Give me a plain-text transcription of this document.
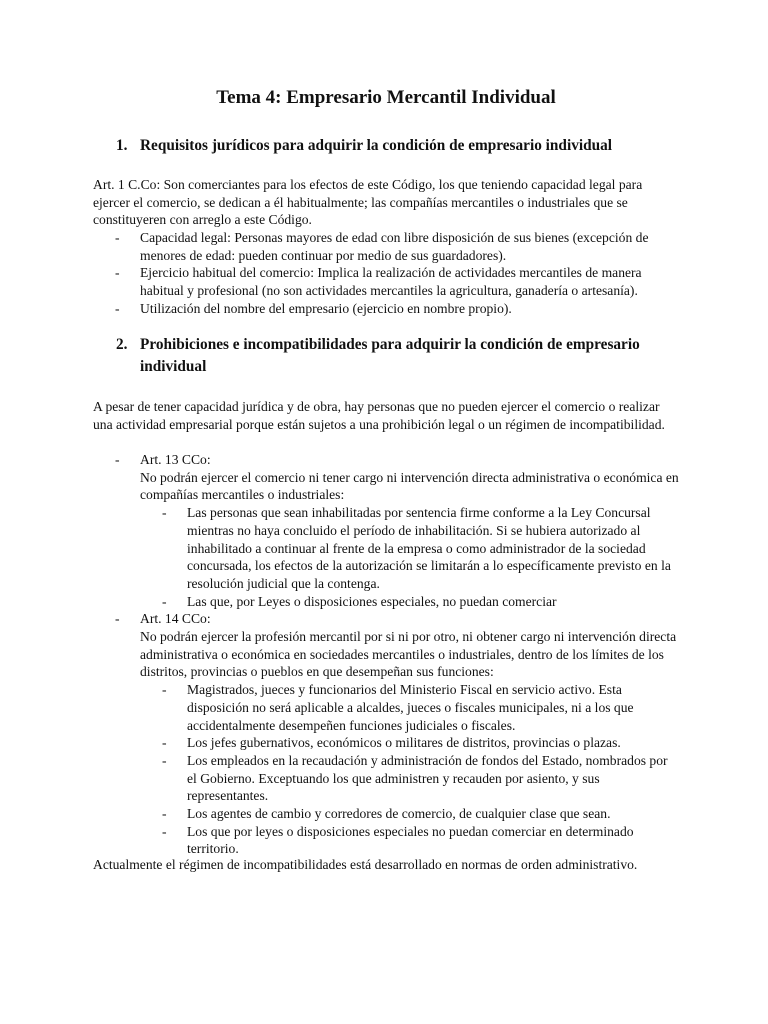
Tema 4: Empresario Mercantil Individual
1. Requisitos jurídicos para adquirir la condición de empresario individual

Art. 1 C.Co: Son comerciantes para los efectos de este Código, los que teniendo capacidad legal para ejercer el comercio, se dedican a él habitualmente; las compañías mercantiles o industriales que se constituyeren con arreglo a este Código.

- Capacidad legal: Personas mayores de edad con libre disposición de sus bienes (excepción de menores de edad: pueden continuar por medio de sus guardadores).
- Ejercicio habitual del comercio: Implica la realización de actividades mercantiles de manera habitual y profesional (no son actividades mercantiles la agricultura, ganadería o artesanía).
- Utilización del nombre del empresario (ejercicio en nombre propio).
2. Prohibiciones e incompatibilidades para adquirir la condición de empresario individual

A pesar de tener capacidad jurídica y de obra, hay personas que no pueden ejercer el comercio o realizar una actividad empresarial porque están sujetos a una prohibición legal o un régimen de incompatibilidad.

- Art. 13 CCo:
No podrán ejercer el comercio ni tener cargo ni intervención directa administrativa o económica en compañías mercantiles o industriales:
- Las personas que sean inhabilitadas por sentencia firme conforme a la Ley Concursal mientras no haya concluido el período de inhabilitación. Si se hubiera autorizado al inhabilitado a continuar al frente de la empresa o como administrador de la sociedad concursada, los efectos de la autorización se limitarán a lo específicamente previsto en la resolución judicial que la contenga.
- Las que, por Leyes o disposiciones especiales, no puedan comerciar
- Art. 14 CCo:
No podrán ejercer la profesión mercantil por si ni por otro, ni obtener cargo ni intervención directa administrativa o económica en sociedades mercantiles o industriales, dentro de los límites de los distritos, provincias o pueblos en que desempeñan sus funciones:
- Magistrados, jueces y funcionarios del Ministerio Fiscal en servicio activo. Esta disposición no será aplicable a alcaldes, jueces o fiscales municipales, ni a los que accidentalmente desempeñen funciones judiciales o fiscales.
- Los jefes gubernativos, económicos o militares de distritos, provincias o plazas.
- Los empleados en la recaudación y administración de fondos del Estado, nombrados por el Gobierno. Exceptuando los que administren y recauden por asiento, y sus representantes.
- Los agentes de cambio y corredores de comercio, de cualquier clase que sean.
- Los que por leyes o disposiciones especiales no puedan comerciar en determinado territorio.

Actualmente el régimen de incompatibilidades está desarrollado en normas de orden administrativo.
